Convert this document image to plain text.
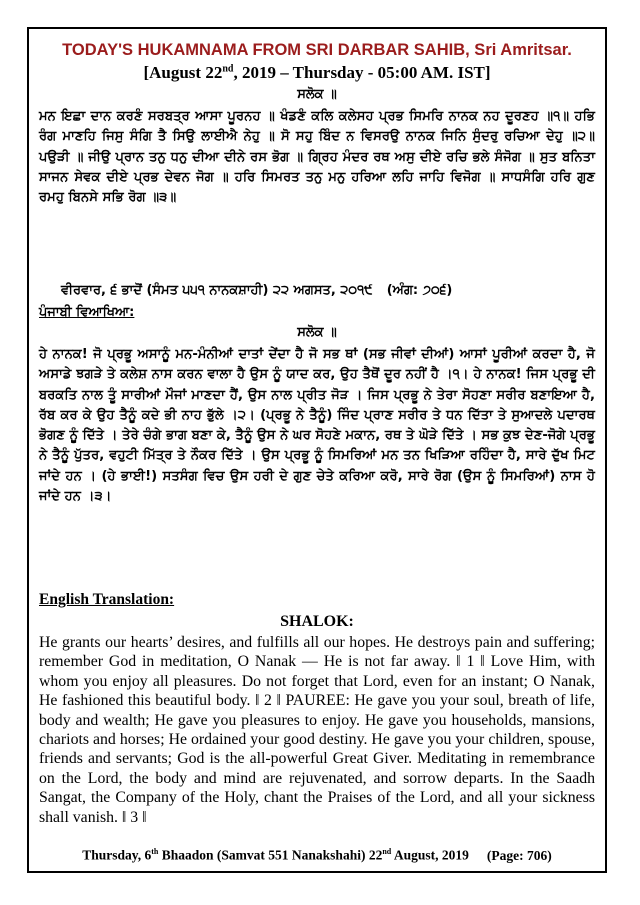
TODAY'S HUKAMNAMA FROM SRI DARBAR SAHIB, Sri Amritsar.
[August 22nd, 2019 – Thursday - 05:00 AM. IST]
ਸਲੋਕ ॥
ਮਨ ਇਛਾ ਦਾਨ ਕਰਣੰ ਸਰਬਤ੍ਰ ਆਸਾ ਪੂਰਨਹ ॥ ਖੰਡਣੰ ਕਲਿ ਕਲੇਸਹ ਪ੍ਰਭ ਸਿਮਰਿ ਨਾਨਕ ਨਹ ਦੂਰਣਹ ॥੧॥ ਹਭਿ ਰੰਗ ਮਾਣਹਿ ਜਿਸੁ ਸੰਗਿ ਤੈ ਸਿਉ ਲਾਈਐ ਨੇਹੁ ॥ ਸੋ ਸਹੁ ਬਿੰਦ ਨ ਵਿਸਰਉ ਨਾਨਕ ਜਿਨਿ ਸੁੰਦਰੁ ਰਚਿਆ ਦੇਹੁ ॥੨॥ ਪਉੜੀ ॥ ਜੀਉ ਪ੍ਰਾਨ ਤਨੁ ਧਨੁ ਦੀਆ ਦੀਨੇ ਰਸ ਭੋਗ ॥ ਗ੍ਰਿਹ ਮੰਦਰ ਰਥ ਅਸੁ ਦੀਏ ਰਚਿ ਭਲੇ ਸੰਜੋਗ ॥ ਸੁਤ ਬਨਿਤਾ ਸਾਜਨ ਸੇਵਕ ਦੀਏ ਪ੍ਰਭ ਦੇਵਨ ਜੋਗ ॥ ਹਰਿ ਸਿਮਰਤ ਤਨੁ ਮਨੁ ਹਰਿਆ ਲਹਿ ਜਾਹਿ ਵਿਜੋਗ ॥ ਸਾਧਸੰਗਿ ਹਰਿ ਗੁਣ ਰਮਹੁ ਬਿਨਸੇ ਸਭਿ ਰੋਗ ॥੩॥
ਵੀਰਵਾਰ, ੬ ਭਾਦੋਂ (ਸੰਮਤ ੫੫੧ ਨਾਨਕਸ਼ਾਹੀ) ੨੨ ਅਗਸਤ, ੨੦੧੯ (ਅੰਗ: ੭੦੬)
ਪੰਜਾਬੀ ਵਿਆਖਿਆ:
ਸਲੋਕ ॥
ਹੇ ਨਾਨਕ! ਜੋ ਪ੍ਰਭੂ ਅਸਾਨੂੰ ਮਨ-ਮੰਨੀਆਂ ਦਾਤਾਂ ਦੇਂਦਾ ਹੈ ਜੋ ਸਭ ਥਾਂ (ਸਭ ਜੀਵਾਂ ਦੀਆਂ) ਆਸਾਂ ਪੂਰੀਆਂ ਕਰਦਾ ਹੈ, ਜੋ ਅਸਾਡੇ ਝਗੜੇ ਤੇ ਕਲੇਸ਼ ਨਾਸ ਕਰਨ ਵਾਲਾ ਹੈ ਉਸ ਨੂੰ ਯਾਦ ਕਰ, ਉਹ ਤੈਥੋਂ ਦੂਰ ਨਹੀਂ ਹੈ ।੧। ਹੇ ਨਾਨਕ! ਜਿਸ ਪ੍ਰਭੂ ਦੀ ਬਰਕਤਿ ਨਾਲ ਤੂੰ ਸਾਰੀਆਂ ਮੌਜਾਂ ਮਾਣਦਾ ਹੈਂ, ਉਸ ਨਾਲ ਪ੍ਰੀਤ ਜੋੜ । ਜਿਸ ਪ੍ਰਭੂ ਨੇ ਤੇਰਾ ਸੋਹਣਾ ਸਰੀਰ ਬਣਾਇਆ ਹੈ, ਰੱਬ ਕਰ ਕੇ ਉਹ ਤੈਨੂੰ ਕਦੇ ਭੀ ਨਾਹ ਭੁੱਲੇ ।੨। (ਪ੍ਰਭੂ ਨੇ ਤੈਨੂੰ) ਜਿੰਦ ਪ੍ਰਾਣ ਸਰੀਰ ਤੇ ਧਨ ਦਿੱਤਾ ਤੇ ਸੁਆਦਲੇ ਪਦਾਰਥ ਭੋਗਣ ਨੂੰ ਦਿੱਤੇ । ਤੇਰੇ ਚੰਗੇ ਭਾਗ ਬਣਾ ਕੇ, ਤੈਨੂੰ ਉਸ ਨੇ ਘਰ ਸੋਹਣੇ ਮਕਾਨ, ਰਥ ਤੇ ਘੋੜੇ ਦਿੱਤੇ । ਸਭ ਕੁਝ ਦੇਣ-ਜੋਗੇ ਪ੍ਰਭੂ ਨੇ ਤੈਨੂੰ ਪੁੱਤਰ, ਵਹੁਟੀ ਮਿੱਤ੍ਰ ਤੇ ਨੌਕਰ ਦਿੱਤੇ । ਉਸ ਪ੍ਰਭੂ ਨੂੰ ਸਿਮਰਿਆਂ ਮਨ ਤਨ ਖਿੜਿਆ ਰਹਿੰਦਾ ਹੈ, ਸਾਰੇ ਦੁੱਖ ਮਿਟ ਜਾਂਦੇ ਹਨ । (ਹੇ ਭਾਈ!) ਸਤਸੰਗ ਵਿਚ ਉਸ ਹਰੀ ਦੇ ਗੁਣ ਚੇਤੇ ਕਰਿਆ ਕਰੋ, ਸਾਰੇ ਰੋਗ (ਉਸ ਨੂੰ ਸਿਮਰਿਆਂ) ਨਾਸ ਹੋ ਜਾਂਦੇ ਹਨ ।੩।
English Translation:
SHALOK:
He grants our hearts’ desires, and fulfills all our hopes. He destroys pain and suffering; remember God in meditation, O Nanak — He is not far away. ‖ 1 ‖ Love Him, with whom you enjoy all pleasures. Do not forget that Lord, even for an instant; O Nanak, He fashioned this beautiful body. ‖ 2 ‖ PAUREE: He gave you your soul, breath of life, body and wealth; He gave you pleasures to enjoy. He gave you households, mansions, chariots and horses; He ordained your good destiny. He gave you your children, spouse, friends and servants; God is the all-powerful Great Giver. Meditating in remembrance on the Lord, the body and mind are rejuvenated, and sorrow departs. In the Saadh Sangat, the Company of the Holy, chant the Praises of the Lord, and all your sickness shall vanish. ‖ 3 ‖
Thursday, 6th Bhaadon (Samvat 551 Nanakshahi) 22nd August, 2019 (Page: 706)
